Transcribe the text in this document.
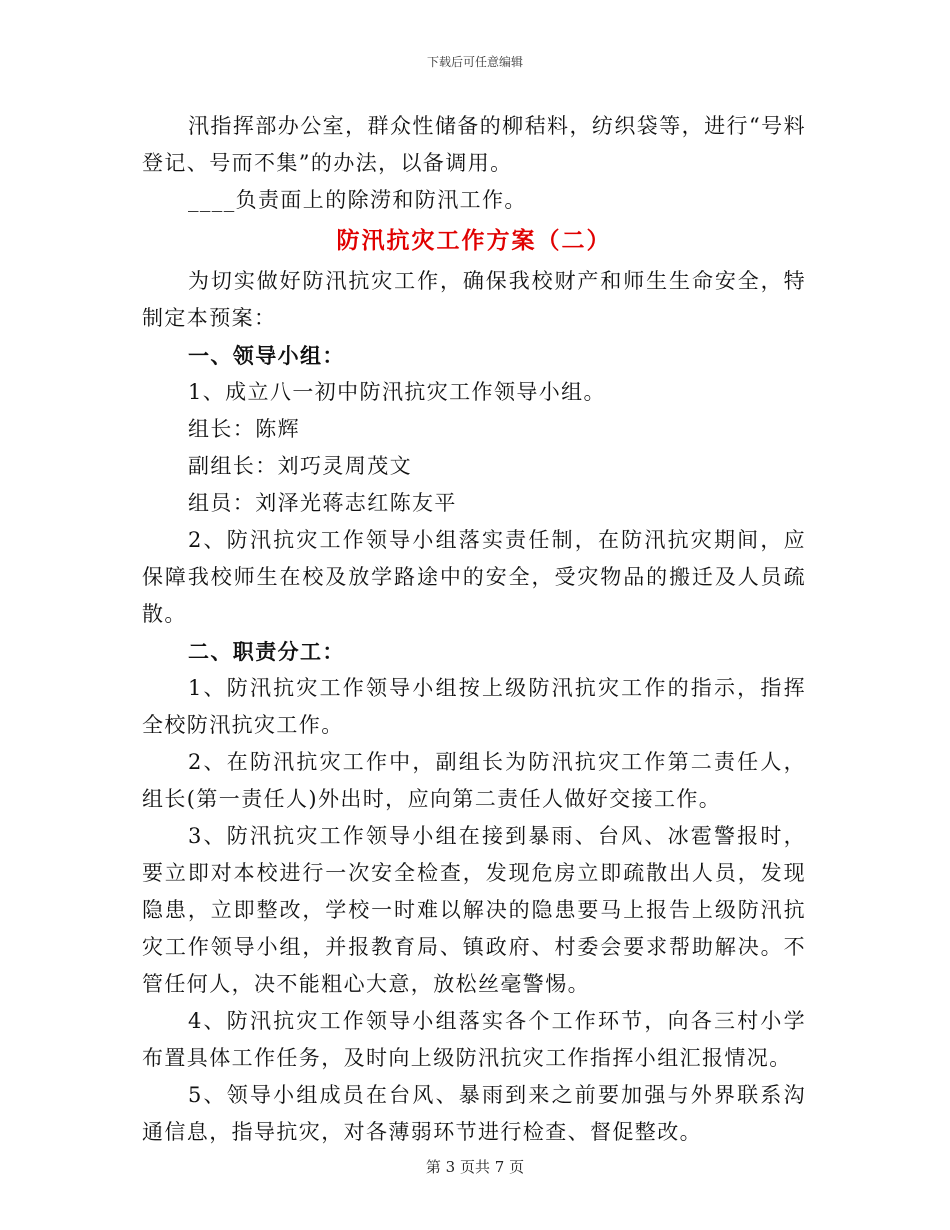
下载后可任意编辑

汛指挥部办公室，群众性储备的柳秸料，纺织袋等，进行“号料登记、号而不集”的办法，以备调用。

____负责面上的除涝和防汛工作。

防汛抗灾工作方案（二）

为切实做好防汛抗灾工作，确保我校财产和师生生命安全，特制定本预案：

一、领导小组：

1、成立八一初中防汛抗灾工作领导小组。

组长：陈辉

副组长：刘巧灵周茂文

组员：刘泽光蒋志红陈友平

2、防汛抗灾工作领导小组落实责任制，在防汛抗灾期间，应保障我校师生在校及放学路途中的安全，受灾物品的搬迁及人员疏散。

二、职责分工：

1、防汛抗灾工作领导小组按上级防汛抗灾工作的指示，指挥全校防汛抗灾工作。

2、在防汛抗灾工作中，副组长为防汛抗灾工作第二责任人，组长(第一责任人)外出时，应向第二责任人做好交接工作。

3、防汛抗灾工作领导小组在接到暴雨、台风、冰雹警报时，要立即对本校进行一次安全检查，发现危房立即疏散出人员，发现隐患，立即整改，学校一时难以解决的隐患要马上报告上级防汛抗灾工作领导小组，并报教育局、镇政府、村委会要求帮助解决。不管任何人，决不能粗心大意，放松丝毫警惕。

4、防汛抗灾工作领导小组落实各个工作环节，向各三村小学布置具体工作任务，及时向上级防汛抗灾工作指挥小组汇报情况。

5、领导小组成员在台风、暴雨到来之前要加强与外界联系沟通信息，指导抗灾，对各薄弱环节进行检查、督促整改。

第 3 页共 7 页
